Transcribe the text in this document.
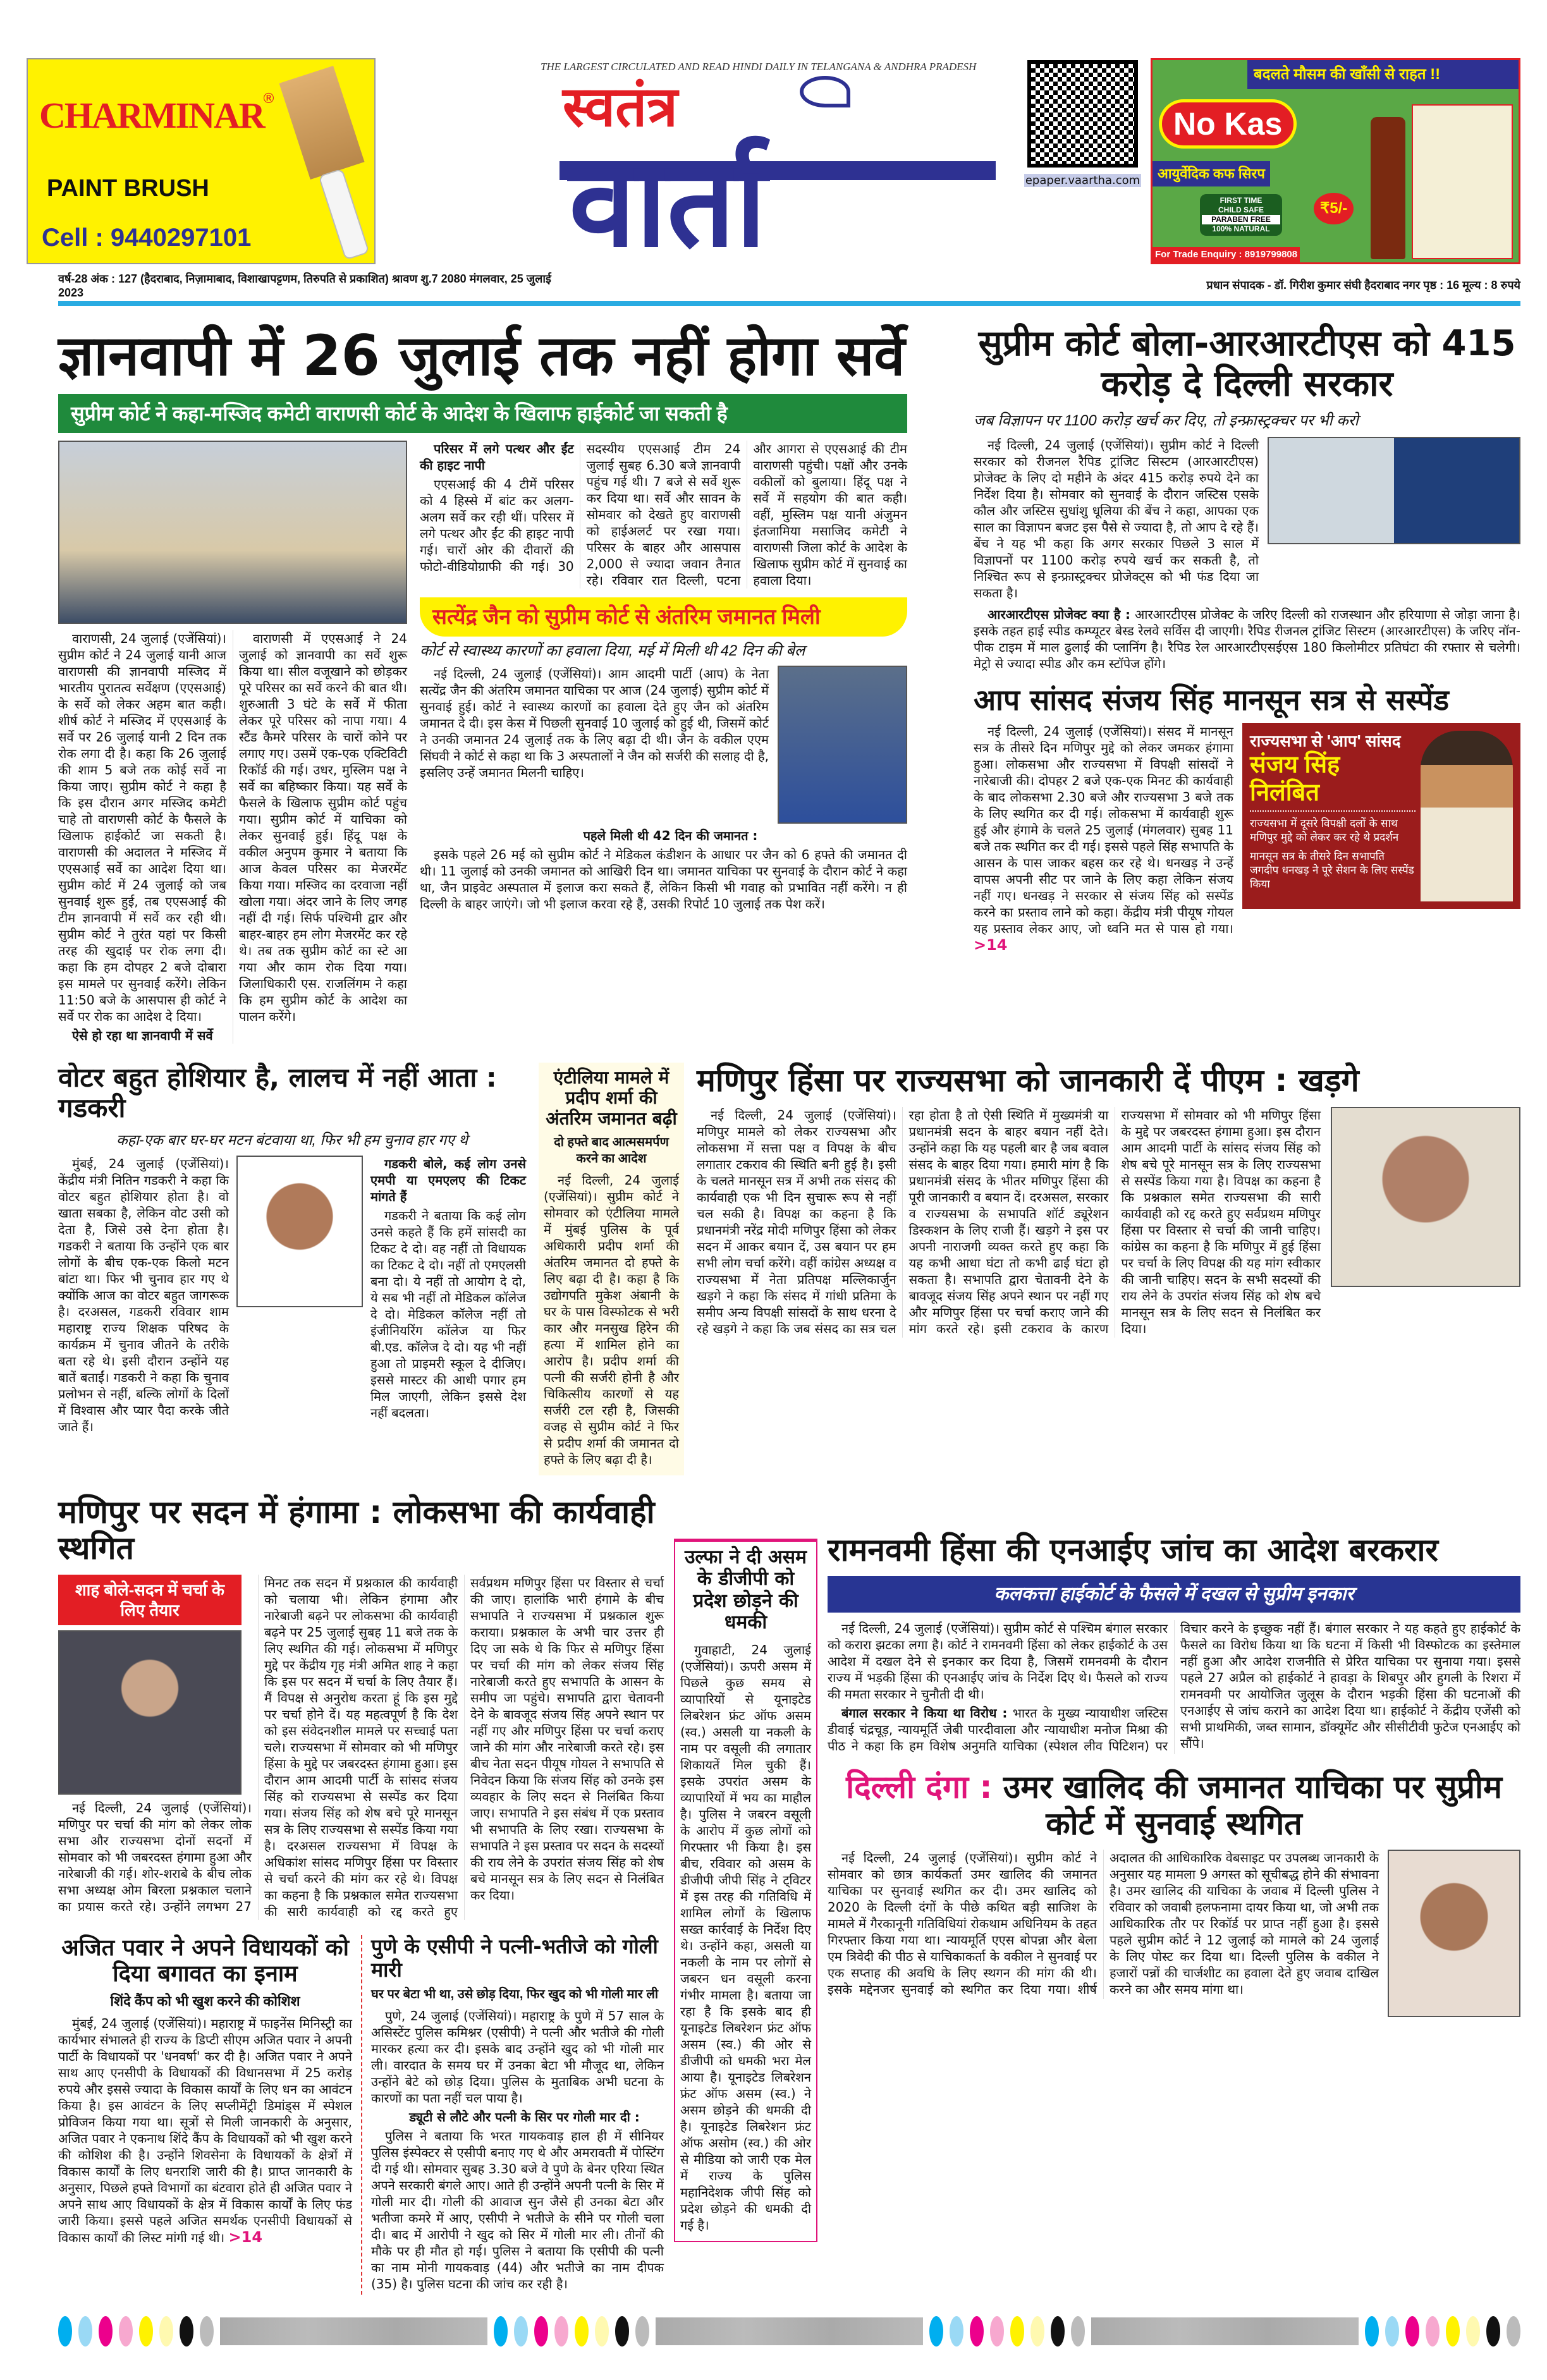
CHARMINAR
®
PAINT BRUSH
Cell : 9440297101
THE LARGEST CIRCULATED AND READ HINDI DAILY IN TELANGANA & ANDHRA PRADESH
स्वतंत्र
वार्ता	epaper.vaartha.com
बदलते मौसम की खाँसी से राहत !!
No Kas
आयुर्वेदिक कफ सिरप
₹5/-
FIRST TIME
CHILD SAFE
PARABEN FREE
100% NATURAL
For Trade Enquiry : 8919799808
वर्ष-28 अंक : 127 (हैदराबाद, निज़ामाबाद, विशाखापट्टणम, तिरुपति से प्रकाशित) श्रावण शु.7 2080 मंगलवार, 25 जुलाई 2023
प्रधान संपादक - डॉ. गिरीश कुमार संघी हैदराबाद नगर पृष्ठ : 16 मूल्य : 8 रुपये
ज्ञानवापी में 26 जुलाई तक नहीं होगा सर्वे
सुप्रीम कोर्ट ने कहा-मस्जिद कमेटी वाराणसी कोर्ट के आदेश के खिलाफ हाईकोर्ट जा सकती है

वाराणसी, 24 जुलाई (एजेंसियां)। सुप्रीम कोर्ट ने 24 जुलाई यानी आज वाराणसी की ज्ञानवापी मस्जिद में भारतीय पुरातत्व सर्वेक्षण (एएसआई) के सर्वे को लेकर अहम बात कही। शीर्ष कोर्ट ने मस्जिद में एएसआई के सर्वे पर 26 जुलाई यानी 2 दिन तक रोक लगा दी है। कहा कि 26 जुलाई की शाम 5 बजे तक कोई सर्वे ना किया जाए। सुप्रीम कोर्ट ने कहा है कि इस दौरान अगर मस्जिद कमेटी चाहे तो वाराणसी कोर्ट के फैसले के खिलाफ हाईकोर्ट जा सकती है। वाराणसी की अदालत ने मस्जिद में एएसआई सर्वे का आदेश दिया था। सुप्रीम कोर्ट में 24 जुलाई को जब सुनवाई शुरू हुई, तब एएसआई की टीम ज्ञानवापी में सर्वे कर रही थी। सुप्रीम कोर्ट ने तुरंत यहां पर किसी तरह की खुदाई पर रोक लगा दी। कहा कि हम दोपहर 2 बजे दोबारा इस मामले पर सुनवाई करेंगे। लेकिन 11:50 बजे के आसपास ही कोर्ट ने सर्वे पर रोक का आदेश दे दिया।

ऐसे हो रहा था ज्ञानवापी में सर्वे

वाराणसी में एएसआई ने 24 जुलाई को ज्ञानवापी का सर्वे शुरू किया था। सील वजूखाने को छोड़कर पूरे परिसर का सर्वे करने की बात थी। शुरुआती 3 घंटे के सर्वे में फीता लेकर पूरे परिसर को नापा गया। 4 स्टैंड कैमरे परिसर के चारों कोने पर लगाए गए। उसमें एक-एक एक्टिविटी रिकॉर्ड की गई। उधर, मुस्लिम पक्ष ने सर्वे का बहिष्कार किया। यह सर्वे के फैसले के खिलाफ सुप्रीम कोर्ट पहुंच गया। सुप्रीम कोर्ट में याचिका को लेकर सुनवाई हुई। हिंदू पक्ष के वकील अनुपम कुमार ने बताया कि आज केवल परिसर का मेजरमेंट किया गया। मस्जिद का दरवाजा नहीं खोला गया। अंदर जाने के लिए जगह नहीं दी गई। सिर्फ पश्चिमी द्वार और बाहर-बाहर हम लोग मेजरमेंट कर रहे थे। तब तक सुप्रीम कोर्ट का स्टे आ गया और काम रोक दिया गया। जिलाधिकारी एस. राजलिंगम ने कहा कि हम सुप्रीम कोर्ट के आदेश का पालन करेंगे।

परिसर में लगे पत्थर और ईंट की हाइट नापी

एएसआई की 4 टीमें परिसर को 4 हिस्से में बांट कर अलग-अलग सर्वे कर रही थीं। परिसर में लगे पत्थर और ईंट की हाइट नापी गई। चारों ओर की दीवारों की फोटो-वीडियोग्राफी की गई। 30 सदस्यीय एएसआई टीम 24 जुलाई सुबह 6.30 बजे ज्ञानवापी पहुंच गई थी। 7 बजे से सर्वे शुरू कर दिया था। सर्वे और सावन के सोमवार को देखते हुए वाराणसी को हाईअलर्ट पर रखा गया। परिसर के बाहर और आसपास 2,000 से ज्यादा जवान तैनात रहे। रविवार रात दिल्ली, पटना और आगरा से एएसआई की टीम वाराणसी पहुंची। पक्षों और उनके वकीलों को बुलाया। हिंदू पक्ष ने सर्वे में सहयोग की बात कही। वहीं, मुस्लिम पक्ष यानी अंजुमन इंतजामिया मसाजिद कमेटी ने वाराणसी जिला कोर्ट के आदेश के खिलाफ सुप्रीम कोर्ट में सुनवाई का हवाला दिया।

सत्येंद्र जैन को सुप्रीम कोर्ट से अंतरिम जमानत मिली
कोर्ट से स्वास्थ्य कारणों का हवाला दिया, मई में मिली थी 42 दिन की बेल

नई दिल्ली, 24 जुलाई (एजेंसियां)। आम आदमी पार्टी (आप) के नेता सत्येंद्र जैन की अंतरिम जमानत याचिका पर आज (24 जुलाई) सुप्रीम कोर्ट में सुनवाई हुई। कोर्ट ने स्वास्थ्य कारणों का हवाला देते हुए जैन को अंतरिम जमानत दे दी। इस केस में पिछली सुनवाई 10 जुलाई को हुई थी, जिसमें कोर्ट ने उनकी जमानत 24 जुलाई तक के लिए बढ़ा दी थी। जैन के वकील एएम सिंघवी ने कोर्ट से कहा था कि 3 अस्पतालों ने जैन को सर्जरी की सलाह दी है, इसलिए उन्हें जमानत मिलनी चाहिए।

पहले मिली थी 42 दिन की जमानत :

इसके पहले 26 मई को सुप्रीम कोर्ट ने मेडिकल कंडीशन के आधार पर जैन को 6 हफ्ते की जमानत दी थी। 11 जुलाई को उनकी जमानत को आखिरी दिन था। जमानत याचिका पर सुनवाई के दौरान कोर्ट ने कहा था, जैन प्राइवेट अस्पताल में इलाज करा सकते हैं, लेकिन किसी भी गवाह को प्रभावित नहीं करेंगे। न ही दिल्ली के बाहर जाएंगे। जो भी इलाज करवा रहे हैं, उसकी रिपोर्ट 10 जुलाई तक पेश करें।

सुप्रीम कोर्ट बोला-आरआरटीएस को 415 करोड़ दे दिल्ली सरकार
जब विज्ञापन पर 1100 करोड़ खर्च कर दिए, तो इन्फ्रास्ट्रक्चर पर भी करो

नई दिल्ली, 24 जुलाई (एजेंसियां)। सुप्रीम कोर्ट ने दिल्ली सरकार को रीजनल रैपिड ट्रांजिट सिस्टम (आरआरटीएस) प्रोजेक्ट के लिए दो महीने के अंदर 415 करोड़ रुपये देने का निर्देश दिया है। सोमवार को सुनवाई के दौरान जस्टिस एसके कौल और जस्टिस सुधांशु धूलिया की बेंच ने कहा, आपका एक साल का विज्ञापन बजट इस पैसे से ज्यादा है, तो आप दे रहे हैं। बेंच ने यह भी कहा कि अगर सरकार पिछले 3 साल में विज्ञापनों पर 1100 करोड़ रुपये खर्च कर सकती है, तो निश्चित रूप से इन्फ्रास्ट्रक्चर प्रोजेक्ट्स को भी फंड दिया जा सकता है।

आरआरटीएस प्रोजेक्ट क्या है : आरआरटीएस प्रोजेक्ट के जरिए दिल्ली को राजस्थान और हरियाणा से जोड़ा जाना है। इसके तहत हाई स्पीड कम्प्यूटर बेस्ड रेलवे सर्विस दी जाएगी। रैपिड रीजनल ट्रांजिट सिस्टम (आरआरटीएस) के जरिए नॉन-पीक टाइम में माल ढुलाई की प्लानिंग है। रैपिड रेल आरआरटीएसईएस 180 किलोमीटर प्रतिघंटा की रफ्तार से चलेगी। मेट्रो से ज्यादा स्पीड और कम स्टॉपेज होंगे।

आप सांसद संजय सिंह मानसून सत्र से सस्पेंड

नई दिल्ली, 24 जुलाई (एजेंसियां)। संसद में मानसून सत्र के तीसरे दिन मणिपुर मुद्दे को लेकर जमकर हंगामा हुआ। लोकसभा और राज्यसभा में विपक्षी सांसदों ने नारेबाजी की। दोपहर 2 बजे एक-एक मिनट की कार्यवाही के बाद लोकसभा 2.30 बजे और राज्यसभा 3 बजे तक के लिए स्थगित कर दी गई। लोकसभा में कार्यवाही शुरू हुई और हंगामे के चलते 25 जुलाई (मंगलवार) सुबह 11 बजे तक स्थगित कर दी गई। इससे पहले सिंह सभापति के आसन के पास जाकर बहस कर रहे थे। धनखड़ ने उन्हें वापस अपनी सीट पर जाने के लिए कहा लेकिन संजय नहीं गए। धनखड़ ने सरकार से संजय सिंह को सस्पेंड करने का प्रस्ताव लाने को कहा। केंद्रीय मंत्री पीयूष गोयल यह प्रस्ताव लेकर आए, जो ध्वनि मत से पास हो गया। >14

राज्यसभा से 'आप' सांसद
संजय सिंह निलंबित
राज्यसभा में दूसरे विपक्षी दलों के साथ मणिपुर मुद्दे को लेकर कर रहे थे प्रदर्शन
मानसून सत्र के तीसरे दिन सभापति जगदीप धनखड़ ने पूरे सेशन के लिए सस्पेंड किया
वोटर बहुत होशियार है, लालच में नहीं आता : गडकरी
कहा-एक बार घर-घर मटन बंटवाया था, फिर भी हम चुनाव हार गए थे

मुंबई, 24 जुलाई (एजेंसियां)। केंद्रीय मंत्री नितिन गडकरी ने कहा कि वोटर बहुत होशियार होता है। वो खाता सबका है, लेकिन वोट उसी को देता है, जिसे उसे देना होता है। गडकरी ने बताया कि उन्होंने एक बार लोगों के बीच एक-एक किलो मटन बांटा था। फिर भी चुनाव हार गए थे क्योंकि आज का वोटर बहुत जागरूक है। दरअसल, गडकरी रविवार शाम महाराष्ट्र राज्य शिक्षक परिषद के कार्यक्रम में चुनाव जीतने के तरीके बता रहे थे। इसी दौरान उन्होंने यह बातें बताईं। गडकरी ने कहा कि चुनाव प्रलोभन से नहीं, बल्कि लोगों के दिलों में विश्वास और प्यार पैदा करके जीते जाते हैं।

गडकरी बोले, कई लोग उनसे एमपी या एमएलए की टिकट मांगते हैं

गडकरी ने बताया कि कई लोग उनसे कहते हैं कि हमें सांसदी का टिकट दे दो। वह नहीं तो विधायक का टिकट दे दो। नहीं तो एमएलसी बना दो। ये नहीं तो आयोग दे दो, ये सब भी नहीं तो मेडिकल कॉलेज दे दो। मेडिकल कॉलेज नहीं तो इंजीनियरिंग कॉलेज या फिर बी.एड. कॉलेज दे दो। यह भी नहीं हुआ तो प्राइमरी स्कूल दे दीजिए। इससे मास्टर की आधी पगार हम मिल जाएगी, लेकिन इससे देश नहीं बदलता।

एंटीलिया मामले में प्रदीप शर्मा की अंतरिम जमानत बढ़ी
दो हफ्ते बाद आत्मसमर्पण करने का आदेश

नई दिल्ली, 24 जुलाई (एजेंसियां)। सुप्रीम कोर्ट ने सोमवार को एंटीलिया मामले में मुंबई पुलिस के पूर्व अधिकारी प्रदीप शर्मा की अंतरिम जमानत दो हफ्ते के लिए बढ़ा दी है। कहा है कि उद्योगपति मुकेश अंबानी के घर के पास विस्फोटक से भरी कार और मनसुख हिरेन की हत्या में शामिल होने का आरोप है। प्रदीप शर्मा की पत्नी की सर्जरी होनी है और चिकित्सीय कारणों से यह सर्जरी टल रही है, जिसकी वजह से सुप्रीम कोर्ट ने फिर से प्रदीप शर्मा की जमानत दो हफ्ते के लिए बढ़ा दी है।

मणिपुर हिंसा पर राज्यसभा को जानकारी दें पीएम : खड़गे

नई दिल्ली, 24 जुलाई (एजेंसियां)। मणिपुर मामले को लेकर राज्यसभा और लोकसभा में सत्ता पक्ष व विपक्ष के बीच लगातार टकराव की स्थिति बनी हुई है। इसी के चलते मानसून सत्र में अभी तक संसद की कार्यवाही एक भी दिन सुचारू रूप से नहीं चल सकी है। विपक्ष का कहना है कि प्रधानमंत्री नरेंद्र मोदी मणिपुर हिंसा को लेकर सदन में आकर बयान दें, उस बयान पर हम सभी लोग चर्चा करेंगे। वहीं कांग्रेस अध्यक्ष व राज्यसभा में नेता प्रतिपक्ष मल्लिकार्जुन खड़गे ने कहा कि संसद में गांधी प्रतिमा के समीप अन्य विपक्षी सांसदों के साथ धरना दे रहे खड़गे ने कहा कि जब संसद का सत्र चल रहा होता है तो ऐसी स्थिति में मुख्यमंत्री या प्रधानमंत्री सदन के बाहर बयान नहीं देते। उन्होंने कहा कि यह पहली बार है जब बवाल संसद के बाहर दिया गया। हमारी मांग है कि प्रधानमंत्री संसद के भीतर मणिपुर हिंसा की पूरी जानकारी व बयान दें। दरअसल, सरकार व राज्यसभा के सभापति शॉर्ट ड्यूरेशन डिस्कशन के लिए राजी हैं। खड़गे ने इस पर अपनी नाराजगी व्यक्त करते हुए कहा कि यह कभी आधा घंटा तो कभी ढाई घंटा हो सकता है। सभापति द्वारा चेतावनी देने के बावजूद संजय सिंह अपने स्थान पर नहीं गए और मणिपुर हिंसा पर चर्चा कराए जाने की मांग करते रहे। इसी टकराव के कारण राज्यसभा में सोमवार को भी मणिपुर हिंसा के मुद्दे पर जबरदस्त हंगामा हुआ। इस दौरान आम आदमी पार्टी के सांसद संजय सिंह को शेष बचे पूरे मानसून सत्र के लिए राज्यसभा से सस्पेंड किया गया है। विपक्ष का कहना है कि प्रश्नकाल समेत राज्यसभा की सारी कार्यवाही को रद्द करते हुए सर्वप्रथम मणिपुर हिंसा पर विस्तार से चर्चा की जानी चाहिए। कांग्रेस का कहना है कि मणिपुर में हुई हिंसा पर चर्चा के लिए विपक्ष की यह मांग स्वीकार की जानी चाहिए। सदन के सभी सदस्यों की राय लेने के उपरांत संजय सिंह को शेष बचे मानसून सत्र के लिए सदन से निलंबित कर दिया।

मणिपुर पर सदन में हंगामा : लोकसभा की कार्यवाही स्थगित
शाह बोले-सदन में चर्चा के लिए तैयार

नई दिल्ली, 24 जुलाई (एजेंसियां)। मणिपुर पर चर्चा की मांग को लेकर लोक सभा और राज्यसभा दोनों सदनों में सोमवार को भी जबरदस्त हंगामा हुआ और नारेबाजी की गई। शोर-शराबे के बीच लोक सभा अध्यक्ष ओम बिरला प्रश्नकाल चलाने का प्रयास करते रहे। उन्होंने लगभग 27 मिनट तक सदन में प्रश्नकाल की कार्यवाही को चलाया भी। लेकिन हंगामा और नारेबाजी बढ़ने पर लोकसभा की कार्यवाही बढ़ने पर 25 जुलाई सुबह 11 बजे तक के लिए स्थगित की गई। लोकसभा में मणिपुर मुद्दे पर केंद्रीय गृह मंत्री अमित शाह ने कहा कि इस पर सदन में चर्चा के लिए तैयार हैं। मैं विपक्ष से अनुरोध करता हूं कि इस मुद्दे पर चर्चा होने दें। यह महत्वपूर्ण है कि देश को इस संवेदनशील मामले पर सच्चाई पता चले। राज्यसभा में सोमवार को भी मणिपुर हिंसा के मुद्दे पर जबरदस्त हंगामा हुआ। इस दौरान आम आदमी पार्टी के सांसद संजय सिंह को राज्यसभा से सस्पेंड कर दिया गया। संजय सिंह को शेष बचे पूरे मानसून सत्र के लिए राज्यसभा से सस्पेंड किया गया है। दरअसल राज्यसभा में विपक्ष के अधिकांश सांसद मणिपुर हिंसा पर विस्तार से चर्चा करने की मांग कर रहे थे। विपक्ष का कहना है कि प्रश्नकाल समेत राज्यसभा की सारी कार्यवाही को रद्द करते हुए सर्वप्रथम मणिपुर हिंसा पर विस्तार से चर्चा की जाए। हालांकि भारी हंगामे के बीच सभापति ने राज्यसभा में प्रश्नकाल शुरू कराया। प्रश्नकाल के अभी चार उत्तर ही दिए जा सके थे कि फिर से मणिपुर हिंसा पर चर्चा की मांग को लेकर संजय सिंह नारेबाजी करते हुए सभापति के आसन के समीप जा पहुंचे। सभापति द्वारा चेतावनी देने के बावजूद संजय सिंह अपने स्थान पर नहीं गए और मणिपुर हिंसा पर चर्चा कराए जाने की मांग और नारेबाजी करते रहे। इस बीच नेता सदन पीयूष गोयल ने सभापति से निवेदन किया कि संजय सिंह को उनके इस व्यवहार के लिए सदन से निलंबित किया जाए। सभापति ने इस संबंध में एक प्रस्ताव भी सभापति के लिए रखा। राज्यसभा के सभापति ने इस प्रस्ताव पर सदन के सदस्यों की राय लेने के उपरांत संजय सिंह को शेष बचे मानसून सत्र के लिए सदन से निलंबित कर दिया।

अजित पवार ने अपने विधायकों को दिया बगावत का इनाम
शिंदे कैंप को भी खुश करने की कोशिश

मुंबई, 24 जुलाई (एजेंसियां)। महाराष्ट्र में फाइनेंस मिनिस्ट्री का कार्यभार संभालते ही राज्य के डिप्टी सीएम अजित पवार ने अपनी पार्टी के विधायकों पर 'धनवर्षा' कर दी है। अजित पवार ने अपने साथ आए एनसीपी के विधायकों की विधानसभा में 25 करोड़ रुपये और इससे ज्यादा के विकास कार्यों के लिए धन का आवंटन किया है। इस आवंटन के लिए सप्लीमेंट्री डिमांड्स में स्पेशल प्रोविजन किया गया था। सूत्रों से मिली जानकारी के अनुसार, अजित पवार ने एकनाथ शिंदे कैंप के विधायकों को भी खुश करने की कोशिश की है। उन्होंने शिवसेना के विधायकों के क्षेत्रों में विकास कार्यों के लिए धनराशि जारी की है। प्राप्त जानकारी के अनुसार, पिछले हफ्ते विभागों का बंटवारा होते ही अजित पवार ने अपने साथ आए विधायकों के क्षेत्र में विकास कार्यों के लिए फंड जारी किया। इससे पहले अजित समर्थक एनसीपी विधायकों से विकास कार्यों की लिस्ट मांगी गई थी। >14

पुणे के एसीपी ने पत्नी-भतीजे को गोली मारी
घर पर बेटा भी था, उसे छोड़ दिया, फिर खुद को भी गोली मार ली

पुणे, 24 जुलाई (एजेंसियां)। महाराष्ट्र के पुणे में 57 साल के असिस्टेंट पुलिस कमिश्नर (एसीपी) ने पत्नी और भतीजे की गोली मारकर हत्या कर दी। इसके बाद उन्होंने खुद को भी गोली मार ली। वारदात के समय घर में उनका बेटा भी मौजूद था, लेकिन उन्होंने बेटे को छोड़ दिया। पुलिस के मुताबिक अभी घटना के कारणों का पता नहीं चल पाया है।

ड्यूटी से लौटे और पत्नी के सिर पर गोली मार दी :

पुलिस ने बताया कि भरत गायकवाड़ हाल ही में सीनियर पुलिस इंस्पेक्टर से एसीपी बनाए गए थे और अमरावती में पोस्टिंग दी गई थी। सोमवार सुबह 3.30 बजे वे पुणे के बेनर एरिया स्थित अपने सरकारी बंगले आए। आते ही उन्होंने अपनी पत्नी के सिर में गोली मार दी। गोली की आवाज सुन जैसे ही उनका बेटा और भतीजा कमरे में आए, एसीपी ने भतीजे के सीने पर गोली चला दी। बाद में आरोपी ने खुद को सिर में गोली मार ली। तीनों की मौके पर ही मौत हो गई। पुलिस ने बताया कि एसीपी की पत्नी का नाम मोनी गायकवाड़ (44) और भतीजे का नाम दीपक (35) है। पुलिस घटना की जांच कर रही है।

उल्फा ने दी असम के डीजीपी को प्रदेश छोड़ने की धमकी

गुवाहाटी, 24 जुलाई (एजेंसियां)। ऊपरी असम में पिछले कुछ समय से व्यापारियों से यूनाइटेड लिबरेशन फ्रंट ऑफ असम (स्व.) असली या नकली के नाम पर वसूली की लगातार शिकायतें मिल चुकी हैं। इसके उपरांत असम के व्यापारियों में भय का माहौल है। पुलिस ने जबरन वसूली के आरोप में कुछ लोगों को गिरफ्तार भी किया है। इस बीच, रविवार को असम के डीजीपी जीपी सिंह ने ट्विटर में इस तरह की गतिविधि में शामिल लोगों के खिलाफ सख्त कार्रवाई के निर्देश दिए थे। उन्होंने कहा, असली या नकली के नाम पर लोगों से जबरन धन वसूली करना गंभीर मामला है। बताया जा रहा है कि इसके बाद ही यूनाइटेड लिबरेशन फ्रंट ऑफ असम (स्व.) की ओर से डीजीपी को धमकी भरा मेल आया है। यूनाइटेड लिबरेशन फ्रंट ऑफ असम (स्व.) ने असम छोड़ने की धमकी दी है। यूनाइटेड लिबरेशन फ्रंट ऑफ असोम (स्व.) की ओर से मीडिया को जारी एक मेल में राज्य के पुलिस महानिदेशक जीपी सिंह को प्रदेश छोड़ने की धमकी दी गई है।

रामनवमी हिंसा की एनआईए जांच का आदेश बरकरार
कलकत्ता हाईकोर्ट के फैसले में दखल से सुप्रीम इनकार

नई दिल्ली, 24 जुलाई (एजेंसियां)। सुप्रीम कोर्ट से पश्चिम बंगाल सरकार को करारा झटका लगा है। कोर्ट ने रामनवमी हिंसा को लेकर हाईकोर्ट के उस आदेश में दखल देने से इनकार कर दिया है, जिसमें रामनवमी के दौरान राज्य में भड़की हिंसा की एनआईए जांच के निर्देश दिए थे। फैसले को राज्य की ममता सरकार ने चुनौती दी थी।

बंगाल सरकार ने किया था विरोध : भारत के मुख्य न्यायाधीश जस्टिस डीवाई चंद्रचूड़, न्यायमूर्ति जेबी पारदीवाला और न्यायाधीश मनोज मिश्रा की पीठ ने कहा कि हम विशेष अनुमति याचिका (स्पेशल लीव पिटिशन) पर विचार करने के इच्छुक नहीं हैं। बंगाल सरकार ने यह कहते हुए हाईकोर्ट के फैसले का विरोध किया था कि घटना में किसी भी विस्फोटक का इस्तेमाल नहीं हुआ और आदेश राजनीति से प्रेरित याचिका पर सुनाया गया। इससे पहले 27 अप्रैल को हाईकोर्ट ने हावड़ा के शिबपुर और हुगली के रिशरा में रामनवमी पर आयोजित जुलूस के दौरान भड़की हिंसा की घटनाओं की एनआईए से जांच कराने का आदेश दिया था। हाईकोर्ट ने केंद्रीय एजेंसी को सभी प्राथमिकी, जब्त सामान, डॉक्यूमेंट और सीसीटीवी फुटेज एनआईए को सौंपे।

दिल्ली दंगा : उमर खालिद की जमानत याचिका पर सुप्रीम कोर्ट में सुनवाई स्थगित

नई दिल्ली, 24 जुलाई (एजेंसियां)। सुप्रीम कोर्ट ने सोमवार को छात्र कार्यकर्ता उमर खालिद की जमानत याचिका पर सुनवाई स्थगित कर दी। उमर खालिद को 2020 के दिल्ली दंगों के पीछे कथित बड़ी साजिश के मामले में गैरकानूनी गतिविधियां रोकथाम अधिनियम के तहत गिरफ्तार किया गया था। न्यायमूर्ति एएस बोपन्ना और बेला एम त्रिवेदी की पीठ से याचिकाकर्ता के वकील ने सुनवाई पर एक सप्ताह की अवधि के लिए स्थगन की मांग की थी। इसके मद्देनजर सुनवाई को स्थगित कर दिया गया। शीर्ष अदालत की आधिकारिक वेबसाइट पर उपलब्ध जानकारी के अनुसार यह मामला 9 अगस्त को सूचीबद्ध होने की संभावना है। उमर खालिद की याचिका के जवाब में दिल्ली पुलिस ने रविवार को जवाबी हलफनामा दायर किया था, जो अभी तक आधिकारिक तौर पर रिकॉर्ड पर प्राप्त नहीं हुआ है। इससे पहले सुप्रीम कोर्ट ने 12 जुलाई को मामले को 24 जुलाई के लिए पोस्ट कर दिया था। दिल्ली पुलिस के वकील ने हजारों पन्नों की चार्जशीट का हवाला देते हुए जवाब दाखिल करने का और समय मांगा था।
